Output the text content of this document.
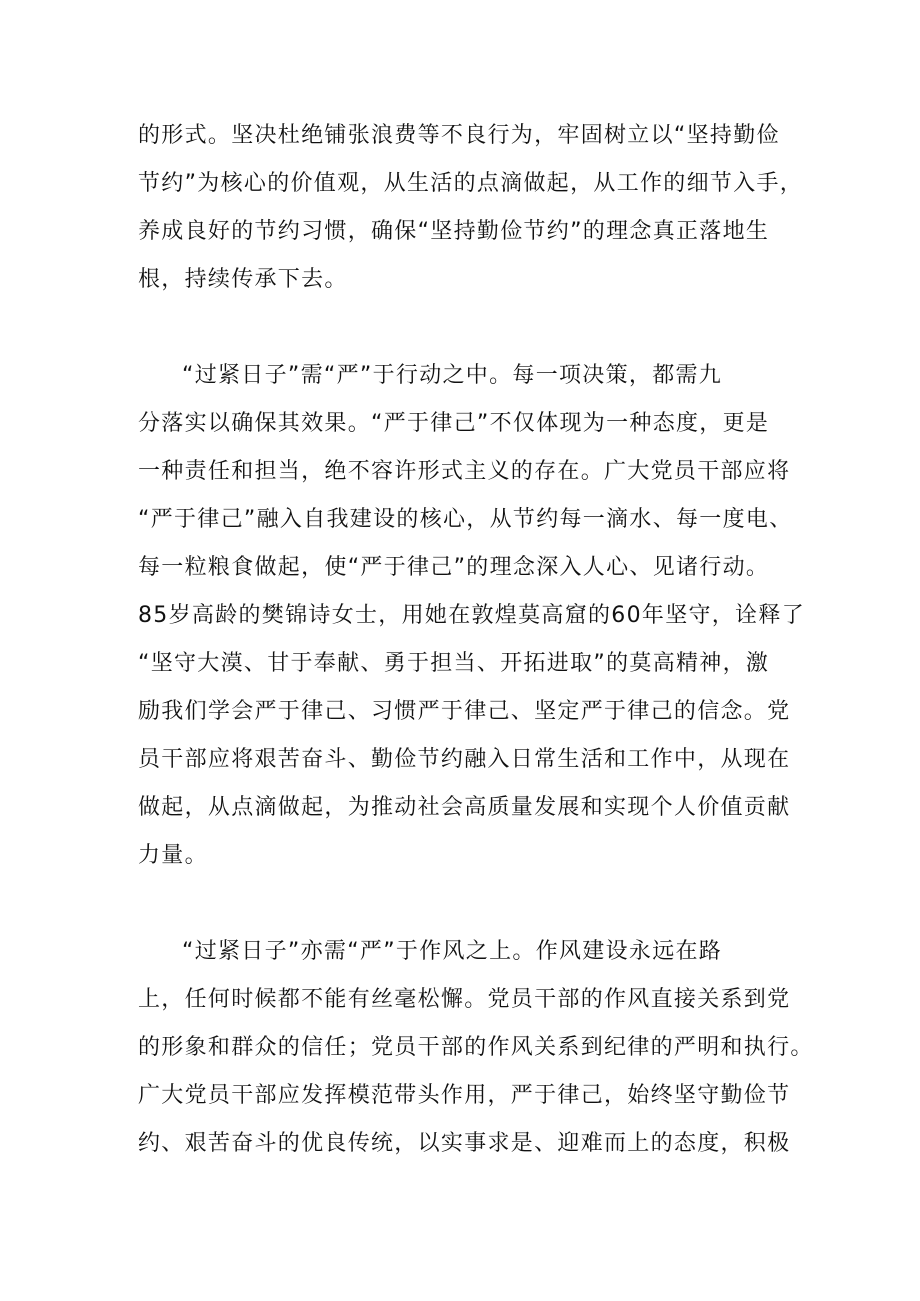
的形式。坚决杜绝铺张浪费等不良行为，牢固树立以“坚持勤俭
节约”为核心的价值观，从生活的点滴做起，从工作的细节入手，
养成良好的节约习惯，确保“坚持勤俭节约”的理念真正落地生
根，持续传承下去。

“过紧日子”需“严”于行动之中。每一项决策，都需九
分落实以确保其效果。“严于律己”不仅体现为一种态度，更是
一种责任和担当，绝不容许形式主义的存在。广大党员干部应将
“严于律己”融入自我建设的核心，从节约每一滴水、每一度电、
每一粒粮食做起，使“严于律己”的理念深入人心、见诸行动。
85岁高龄的樊锦诗女士，用她在敦煌莫高窟的60年坚守，诠释了
“坚守大漠、甘于奉献、勇于担当、开拓进取”的莫高精神，激
励我们学会严于律己、习惯严于律己、坚定严于律己的信念。党
员干部应将艰苦奋斗、勤俭节约融入日常生活和工作中，从现在
做起，从点滴做起，为推动社会高质量发展和实现个人价值贡献
力量。

“过紧日子”亦需“严”于作风之上。作风建设永远在路
上，任何时候都不能有丝毫松懈。党员干部的作风直接关系到党
的形象和群众的信任；党员干部的作风关系到纪律的严明和执行。
广大党员干部应发挥模范带头作用，严于律己，始终坚守勤俭节
约、艰苦奋斗的优良传统，以实事求是、迎难而上的态度，积极
